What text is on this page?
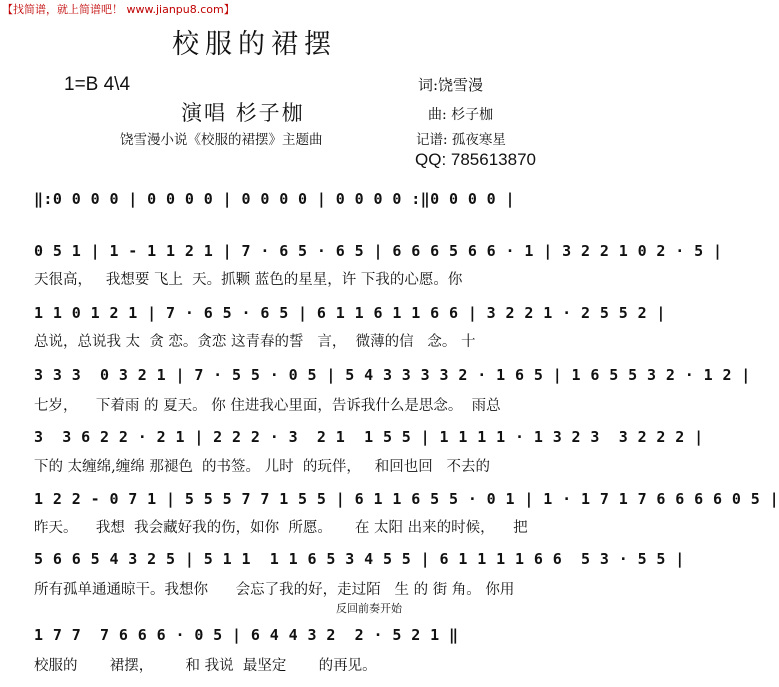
【找简谱，就上简谱吧！ www.jianpu8.com】
校服的裙摆
1=B 4\4	词:饶雪漫
演唱 杉子枷	曲: 杉子枷
饶雪漫小说《校服的裙摆》主题曲	记谱: 孤夜寒星
QQ: 785613870
‖:0 0 0 0 | 0 0 0 0 | 0 0 0 0 | 0 0 0 0 :‖0 0 0 0 |
0 5 1 | 1 - 1 1 2 1 | 7 · 6 5 · 6 5 | 6 6 6 5 6 6 · 1 | 3 2 2 1 0 2 · 5 |
天很高，   我想要 飞上  天。抓颗 蓝色的星星，许 下我的心愿。你
1 1 0 1 2 1 | 7 · 6 5 · 6 5 | 6 1 1 6 1 1 6 6 | 3 2 2 1 · 2 5 5 2 |
总说，总说我 太  贪 恋。贪恋 这青春的誓   言，  微薄的信   念。 十
3 3 3  0 3 2 1 | 7 · 5 5 · 0 5 | 5 4 3 3 3 3 2 · 1 6 5 | 1 6 5 5 3 2 · 1 2 |
七岁，    下着雨 的 夏天。 你 住进我心里面，告诉我什么是思念。  雨总
3  3 6 2 2 · 2 1 | 2 2 2 · 3  2 1  1 5 5 | 1 1 1 1 · 1 3 2 3  3 2 2 2 |
下的 太缠绵,缠绵 那褪色  的书签。 儿时  的玩伴，   和回也回   不去的
1 2 2 - 0 7 1 | 5 5 5 7 7 1 5 5 | 6 1 1 6 5 5 · 0 1 | 1 · 1 7 1 7 6 6 6 6 0 5 |
昨天。    我想  我会藏好我的伤，如你  所愿。     在 太阳 出来的时候，    把
5 6 6 5 4 3 2 5 | 5 1 1  1 1 6 5 3 4 5 5 | 6 1 1 1 1 6 6  5 3 · 5 5 |
所有孤单通通晾干。我想你      会忘了我的好，走过陌   生 的 街 角。 你用
反回前奏开始
1 7 7  7 6 6 6 · 0 5 | 6 4 4 3 2  2 · 5 2 1 ‖
校服的       裙摆，       和 我说  最坚定       的再见。
